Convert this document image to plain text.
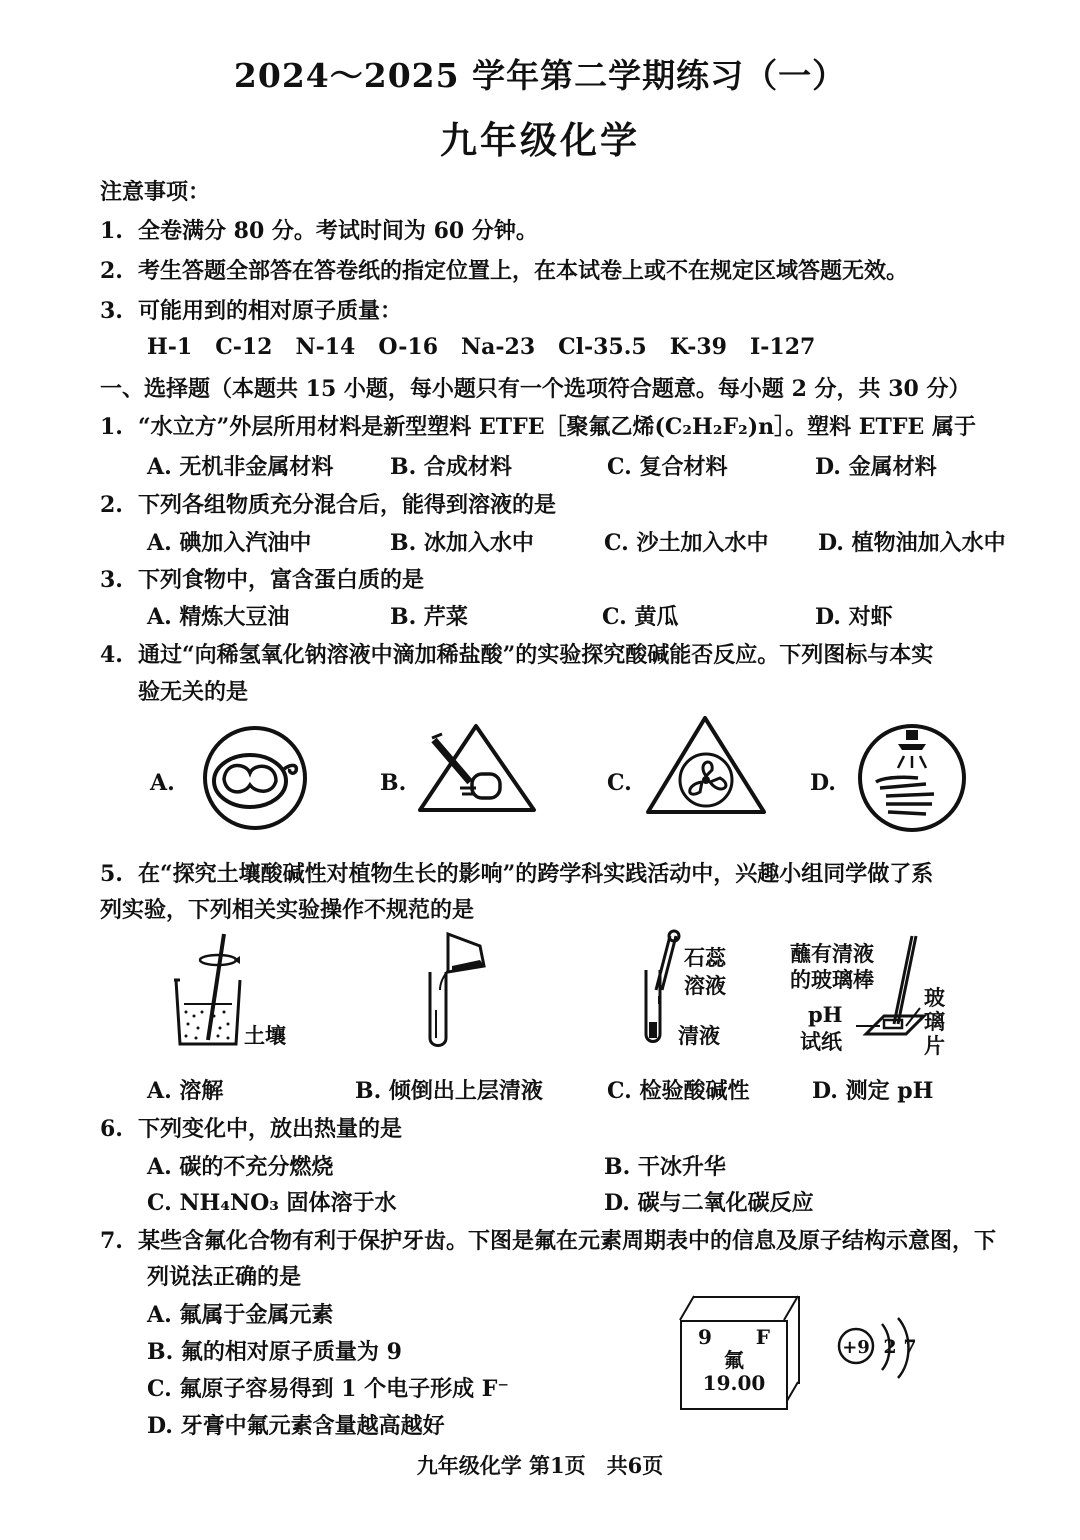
2024～2025 学年第二学期练习（一）
九年级化学
注意事项：
1. 全卷满分 80 分。考试时间为 60 分钟。
2. 考生答题全部答在答卷纸的指定位置上，在本试卷上或不在规定区域答题无效。
3. 可能用到的相对原子质量：
H-1 C-12 N-14 O-16 Na-23 Cl-35.5 K-39 I-127
一、选择题（本题共 15 小题，每小题只有一个选项符合题意。每小题 2 分，共 30 分）
1. “水立方”外层所用材料是新型塑料 ETFE［聚氟乙烯(C₂H₂F₂)n］。塑料 ETFE 属于
A. 无机非金属材料	B. 合成材料	C. 复合材料	D. 金属材料
2. 下列各组物质充分混合后，能得到溶液的是
A. 碘加入汽油中	B. 冰加入水中	C. 沙土加入水中 D. 植物油加入水中
3. 下列食物中，富含蛋白质的是
A. 精炼大豆油	B. 芹菜	C. 黄瓜	D. 对虾
4. 通过“向稀氢氧化钠溶液中滴加稀盐酸”的实验探究酸碱能否反应。下列图标与本实
验无关的是
A.	B.	C.	D.
5. 在“探究土壤酸碱性对植物生长的影响”的跨学科实践活动中，兴趣小组同学做了系
列实验，下列相关实验操作不规范的是
土壤
石蕊
溶液
清液
蘸有清液
的玻璃棒
pH
试纸
玻
璃
片
A. 溶解	B. 倾倒出上层清液	C. 检验酸碱性	D. 测定 pH
6. 下列变化中，放出热量的是
A. 碳的不充分燃烧	B. 干冰升华
C. NH₄NO₃ 固体溶于水	D. 碳与二氧化碳反应
7. 某些含氟化合物有利于保护牙齿。下图是氟在元素周期表中的信息及原子结构示意图，下
列说法正确的是
A. 氟属于金属元素
B. 氟的相对原子质量为 9
C. 氟原子容易得到 1 个电子形成 F⁻
D. 牙膏中氟元素含量越高越好
9 F
氟
19.00
+9 2 7
九年级化学 第1页　共6页
